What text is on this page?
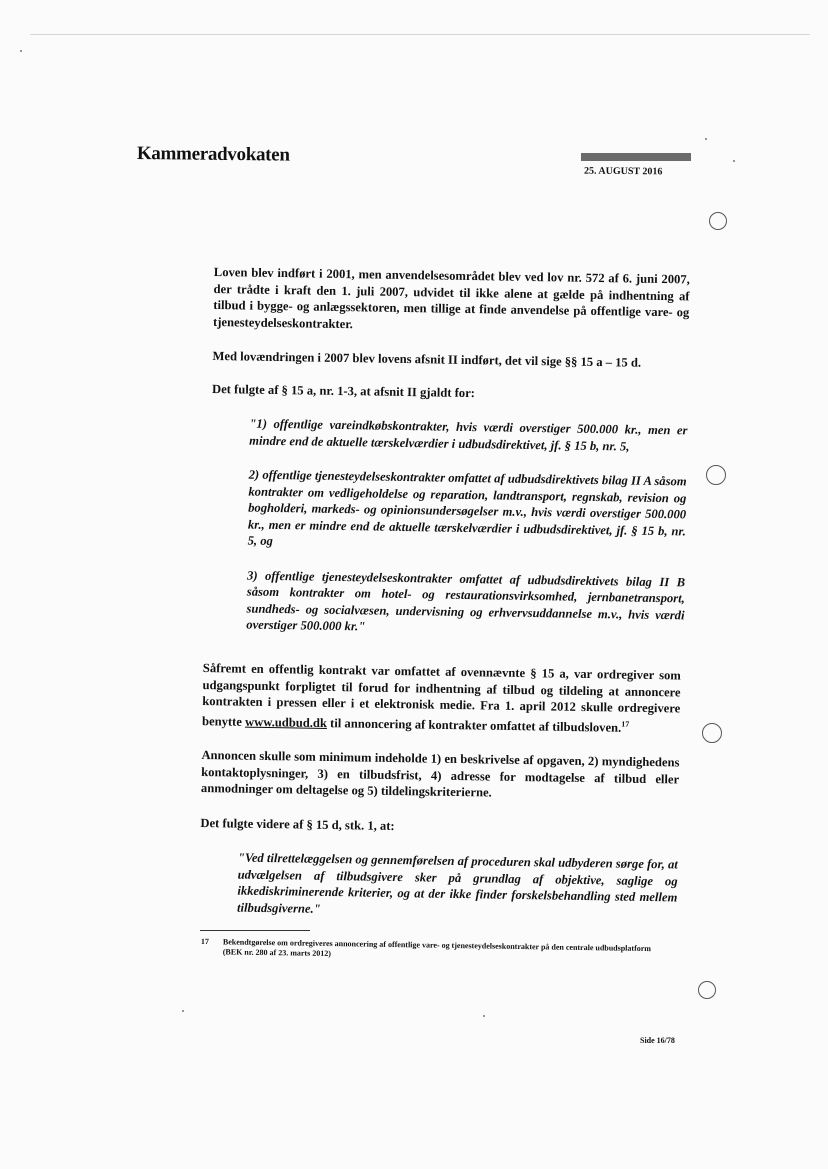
Kammeradvokaten
25. AUGUST 2016

Loven blev indført i 2001, men anvendelsesområdet blev ved lov nr. 572 af 6. juni 2007, der trådte i kraft den 1. juli 2007, udvidet til ikke alene at gælde på indhentning af tilbud i bygge- og anlægssektoren, men tillige at finde anvendelse på offentlige vare- og tjenesteydelseskontrakter.

Med lovændringen i 2007 blev lovens afsnit II indført, det vil sige §§ 15 a – 15 d.

Det fulgte af § 15 a, nr. 1-3, at afsnit II gjaldt for:

"1) offentlige vareindkøbskontrakter, hvis værdi overstiger 500.000 kr., men er mindre end de aktuelle tærskelværdier i udbudsdirektivet, jf. § 15 b, nr. 5,

2) offentlige tjenesteydelseskontrakter omfattet af udbudsdirektivets bilag II A såsom kontrakter om vedligeholdelse og reparation, landtransport, regnskab, revision og bogholderi, markeds- og opinionsundersøgelser m.v., hvis værdi overstiger 500.000 kr., men er mindre end de aktuelle tærskelværdier i udbudsdirektivet, jf. § 15 b, nr. 5, og

3) offentlige tjenesteydelseskontrakter omfattet af udbudsdirektivets bilag II B såsom kontrakter om hotel- og restaurationsvirksomhed, jernbanetransport, sundheds- og socialvæsen, undervisning og erhvervsuddannelse m.v., hvis værdi overstiger 500.000 kr."

Såfremt en offentlig kontrakt var omfattet af ovennævnte § 15 a, var ordregiver som udgangspunkt forpligtet til forud for indhentning af tilbud og tildeling at annoncere kontrakten i pressen eller i et elektronisk medie. Fra 1. april 2012 skulle ordregivere benytte www.udbud.dk til annoncering af kontrakter omfattet af tilbudsloven.$^{17}$

Annoncen skulle som minimum indeholde 1) en beskrivelse af opgaven, 2) myndighedens kontaktoplysninger, 3) en tilbudsfrist, 4) adresse for modtagelse af tilbud eller anmodninger om deltagelse og 5) tildelingskriterierne.

Det fulgte videre af § 15 d, stk. 1, at:

"Ved tilrettelæggelsen og gennemførelsen af proceduren skal udbyderen sørge for, at udvælgelsen af tilbudsgivere sker på grundlag af objektive, saglige og ikkediskriminerende kriterier, og at der ikke finder forskelsbehandling sted mellem tilbudsgiverne."

17 Bekendtgørelse om ordregiveres annoncering af offentlige vare- og tjenesteydelseskontrakter på den centrale udbudsplatform (BEK nr. 280 af 23. marts 2012)
Side 16/78
